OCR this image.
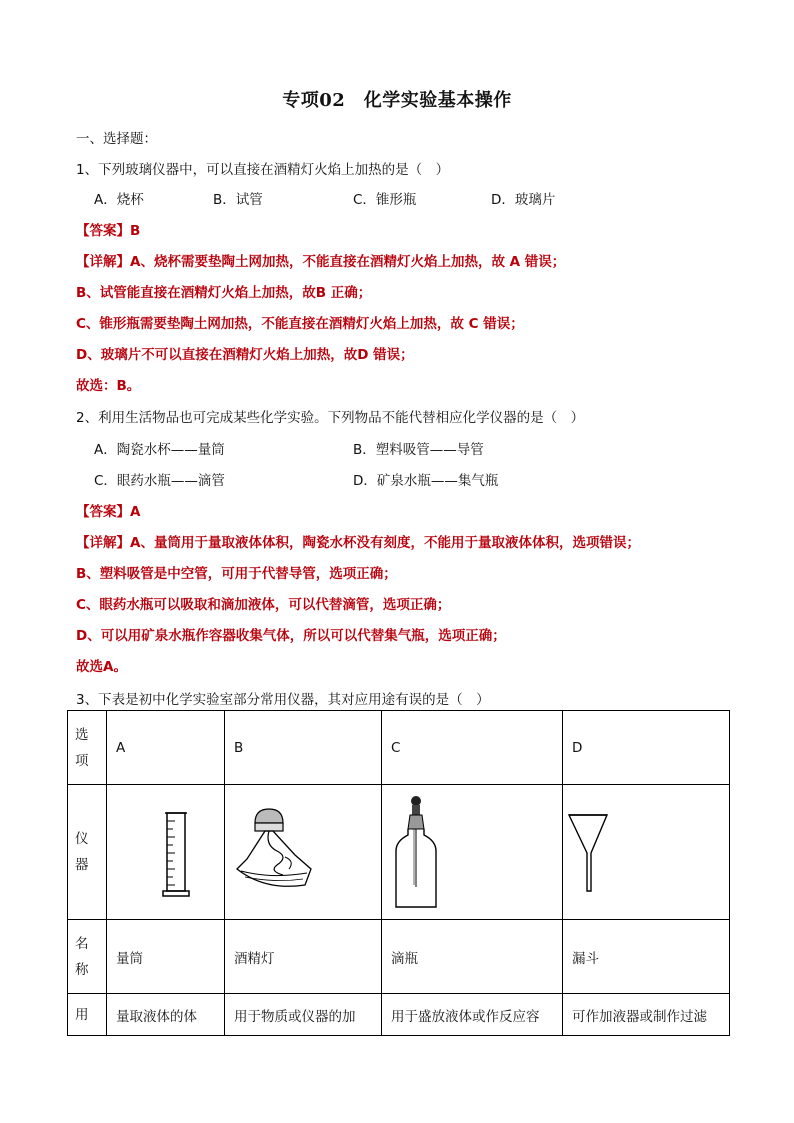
专项02　化学实验基本操作
一、选择题：
1、下列玻璃仪器中，可以直接在酒精灯火焰上加热的是（　）
A．烧杯	B．试管	C．锥形瓶	D．玻璃片
【答案】B
【详解】A、烧杯需要垫陶土网加热，不能直接在酒精灯火焰上加热，故 A 错误；
B、试管能直接在酒精灯火焰上加热，故B 正确；
C、锥形瓶需要垫陶土网加热，不能直接在酒精灯火焰上加热，故 C 错误；
D、玻璃片不可以直接在酒精灯火焰上加热，故D 错误；
故选：B。
2、利用生活物品也可完成某些化学实验。下列物品不能代替相应化学仪器的是（　）
A．陶瓷水杯——量筒	B．塑料吸管——导管
C．眼药水瓶——滴管	D．矿泉水瓶——集气瓶
【答案】A
【详解】A、量筒用于量取液体体积，陶瓷水杯没有刻度，不能用于量取液体体积，选项错误；
B、塑料吸管是中空管，可用于代替导管，选项正确；
C、眼药水瓶可以吸取和滴加液体，可以代替滴管，选项正确；
D、可以用矿泉水瓶作容器收集气体，所以可以代替集气瓶，选项正确；
故选A。
3、下表是初中化学实验室部分常用仪器，其对应用途有误的是（　）
选
项	A	B	C	D

仪
器

名
称	量筒	酒精灯	滴瓶	漏斗

用	量取液体的体	用于物质或仪器的加	用于盛放液体或作反应容	可作加液器或制作过滤
